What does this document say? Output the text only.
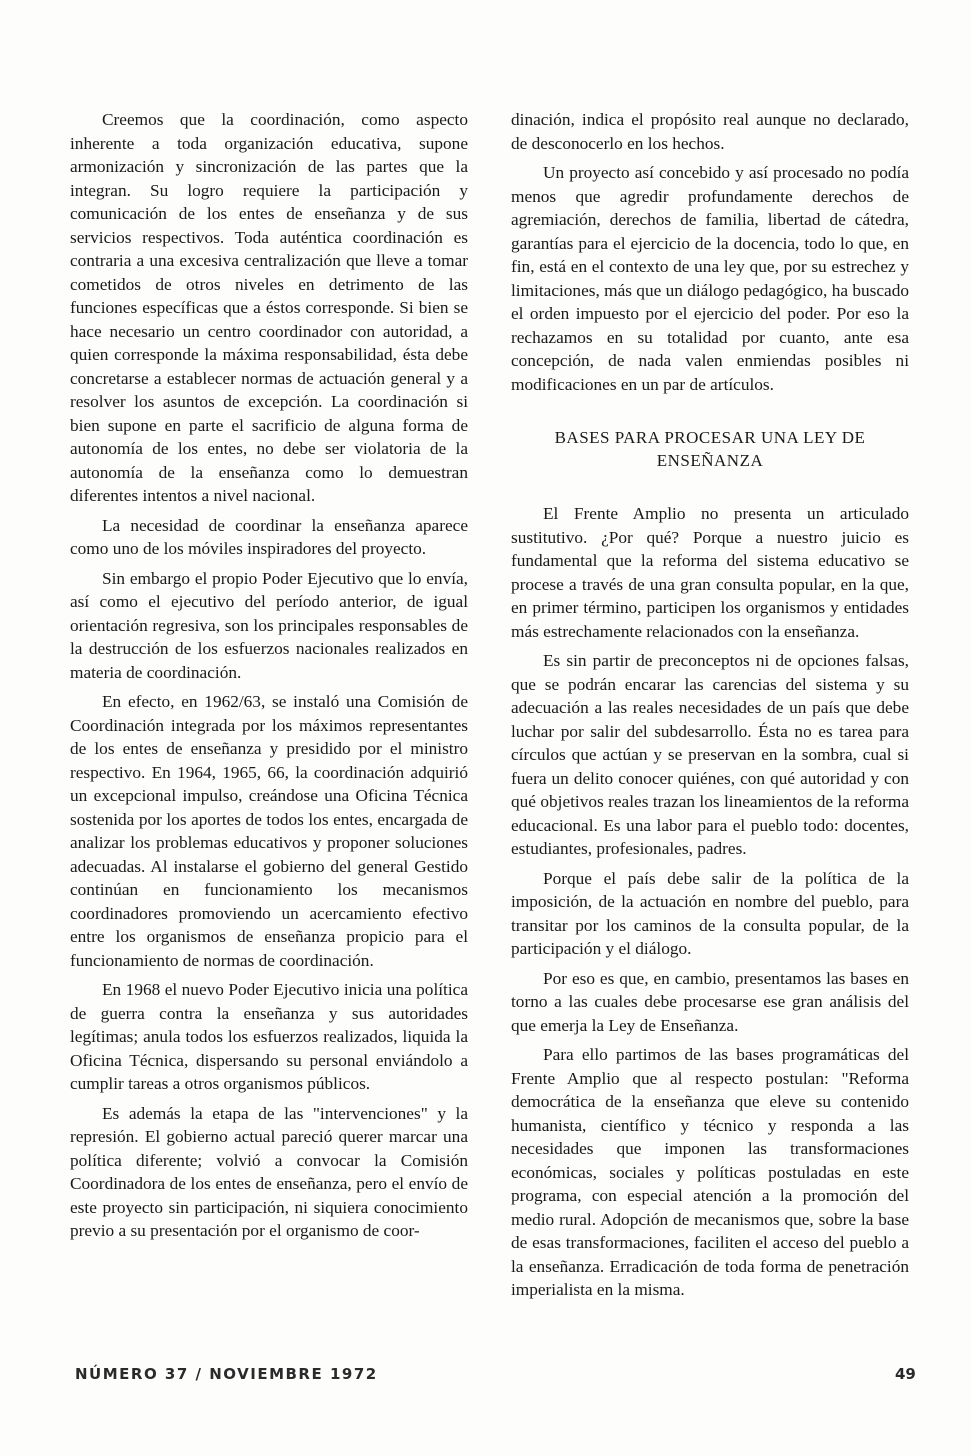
Creemos que la coordinación, como aspecto inherente a toda organización educativa, supone armonización y sincronización de las partes que la integran. Su logro requiere la participación y comunicación de los entes de enseñanza y de sus servicios respectivos. Toda auténtica coordinación es contraria a una excesiva centralización que lleve a tomar cometidos de otros niveles en detrimento de las funciones específicas que a éstos corresponde. Si bien se hace necesario un centro coordinador con autoridad, a quien corresponde la máxima responsabilidad, ésta debe concretarse a establecer normas de actuación general y a resolver los asuntos de excepción. La coordinación si bien supone en parte el sacrificio de alguna forma de autonomía de los entes, no debe ser violatoria de la autonomía de la enseñanza como lo demuestran diferentes intentos a nivel nacional.

La necesidad de coordinar la enseñanza aparece como uno de los móviles inspiradores del proyecto.

Sin embargo el propio Poder Ejecutivo que lo envía, así como el ejecutivo del período anterior, de igual orientación regresiva, son los principales responsables de la destrucción de los esfuerzos nacionales realizados en materia de coordinación.

En efecto, en 1962/63, se instaló una Comisión de Coordinación integrada por los máximos representantes de los entes de enseñanza y presidido por el ministro respectivo. En 1964, 1965, 66, la coordinación adquirió un excepcional impulso, creándose una Oficina Técnica sostenida por los aportes de todos los entes, encargada de analizar los problemas educativos y proponer soluciones adecuadas. Al instalarse el gobierno del general Gestido continúan en funcionamiento los mecanismos coordinadores promoviendo un acercamiento efectivo entre los organismos de enseñanza propicio para el funcionamiento de normas de coordinación.

En 1968 el nuevo Poder Ejecutivo inicia una política de guerra contra la enseñanza y sus autoridades legítimas; anula todos los esfuerzos realizados, liquida la Oficina Técnica, dispersando su personal enviándolo a cumplir tareas a otros organismos públicos.

Es además la etapa de las "intervenciones" y la represión. El gobierno actual pareció querer marcar una política diferente; volvió a convocar la Comisión Coordinadora de los entes de enseñanza, pero el envío de este proyecto sin participación, ni siquiera conocimiento previo a su presentación por el organismo de coor-

dinación, indica el propósito real aunque no declarado, de desconocerlo en los hechos.

Un proyecto así concebido y así procesado no podía menos que agredir profundamente derechos de agremiación, derechos de familia, libertad de cátedra, garantías para el ejercicio de la docencia, todo lo que, en fin, está en el contexto de una ley que, por su estrechez y limitaciones, más que un diálogo pedagógico, ha buscado el orden impuesto por el ejercicio del poder. Por eso la rechazamos en su totalidad por cuanto, ante esa concepción, de nada valen enmiendas posibles ni modificaciones en un par de artículos.

BASES PARA PROCESAR UNA LEY DE ENSEÑANZA

El Frente Amplio no presenta un articulado sustitutivo. ¿Por qué? Porque a nuestro juicio es fundamental que la reforma del sistema educativo se procese a través de una gran consulta popular, en la que, en primer término, participen los organismos y entidades más estrechamente relacionados con la enseñanza.

Es sin partir de preconceptos ni de opciones falsas, que se podrán encarar las carencias del sistema y su adecuación a las reales necesidades de un país que debe luchar por salir del subdesarrollo. Ésta no es tarea para círculos que actúan y se preservan en la sombra, cual si fuera un delito conocer quiénes, con qué autoridad y con qué objetivos reales trazan los lineamientos de la reforma educacional. Es una labor para el pueblo todo: docentes, estudiantes, profesionales, padres.

Porque el país debe salir de la política de la imposición, de la actuación en nombre del pueblo, para transitar por los caminos de la consulta popular, de la participación y el diálogo.

Por eso es que, en cambio, presentamos las bases en torno a las cuales debe procesarse ese gran análisis del que emerja la Ley de Enseñanza.

Para ello partimos de las bases programáticas del Frente Amplio que al respecto postulan: "Reforma democrática de la enseñanza que eleve su contenido humanista, científico y técnico y responda a las necesidades que imponen las transformaciones económicas, sociales y políticas postuladas en este programa, con especial atención a la promoción del medio rural. Adopción de mecanismos que, sobre la base de esas transformaciones, faciliten el acceso del pueblo a la enseñanza. Erradicación de toda forma de penetración imperialista en la misma.

NÚMERO 37 / NOVIEMBRE 1972	49
